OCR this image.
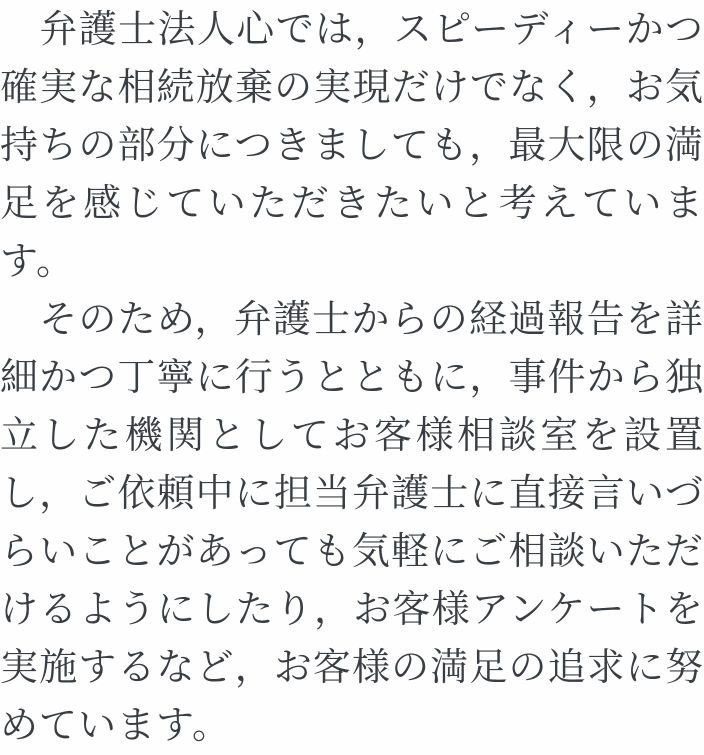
　弁護士法人心では，スピーディーかつ
確実な相続放棄の実現だけでなく，お気
持ちの部分につきましても，最大限の満
足を感じていただきたいと考えていま
す。
　そのため，弁護士からの経過報告を詳
細かつ丁寧に行うとともに，事件から独
立した機関としてお客様相談室を設置
し，ご依頼中に担当弁護士に直接言いづ
らいことがあっても気軽にご相談いただ
けるようにしたり，お客様アンケートを
実施するなど，お客様の満足の追求に努
めています。
